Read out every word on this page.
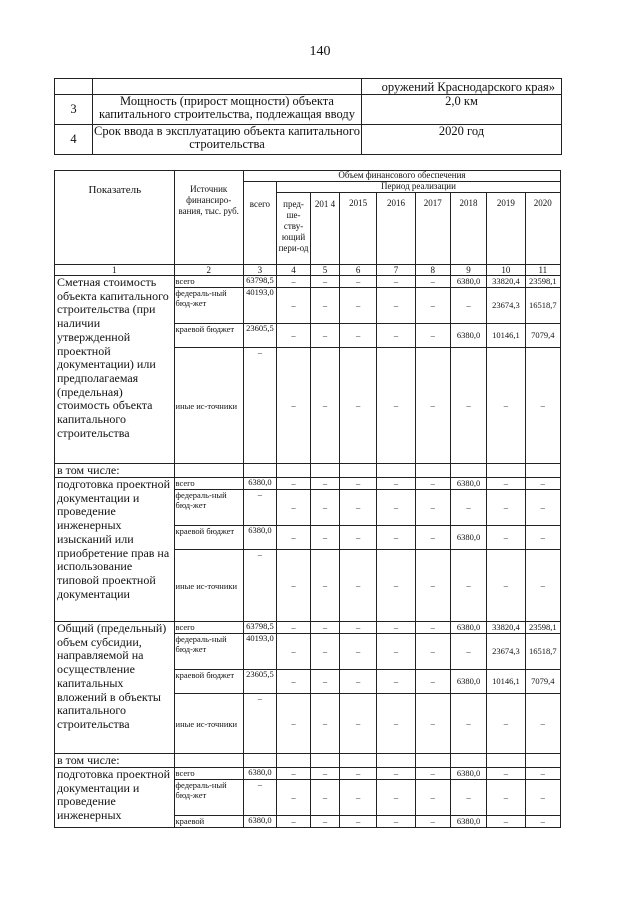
140
		оружений Краснодарского края»
3	Мощность (прирост мощности) объекта капитального строительства, подлежащая вводу	2,0 км
4	Срок ввода в эксплуатацию объекта капитального строительства	2020 год
Показатель	Источник финансиро-вания, тыс. руб.	Объем финансового обеспечения								
		всего	Период реализации							
			пред-ше-ству-ющий пери-од	201 4	2015	2016	2017	2018	2019	2020
1	2	3	4	5	6	7	8	9	10	11
Сметная стоимость объекта капитального строительства (при наличии утвержденной проектной документации) или предполагаемая (предельная) стоимость объекта капитального строительства	всего	63798,5	–	–	–	–	–	6380,0	33820,4	23598,1
	федераль-ный бюд-жет	40193,0	–	–	–	–	–	–	23674,3	16518,7
	краевой бюджет	23605,5	–	–	–	–	–	6380,0	10146,1	7079,4
	иные ис-точники	–	–	–	–	–	–	–	–	–
в том числе:										
подготовка проектной документации и проведение инженерных изысканий или приобретение прав на использование типовой проектной документации	всего	6380,0	–	–	–	–	–	6380,0	–	–
	федераль-ный бюд-жет	–	–	–	–	–	–	–	–	–
	краевой бюджет	6380,0	–	–	–	–	–	6380,0	–	–
	иные ис-точники	–	–	–	–	–	–	–	–	–
Общий (предельный) объем субсидии, направляемой на осуществление капитальных вложений в объекты капитального строительства	всего	63798,5	–	–	–	–	–	6380,0	33820,4	23598,1
	федераль-ный бюд-жет	40193,0	–	–	–	–	–	–	23674,3	16518,7
	краевой бюджет	23605,5	–	–	–	–	–	6380,0	10146,1	7079,4
	иные ис-точники	–	–	–	–	–	–	–	–	–
в том числе:										
подготовка проектной документации и проведение инженерных	всего	6380,0	–	–	–	–	–	6380,0	–	–
	федераль-ный бюд-жет	–	–	–	–	–	–	–	–	–
	краевой	6380,0	–	–	–	–	–	6380,0	–	–
